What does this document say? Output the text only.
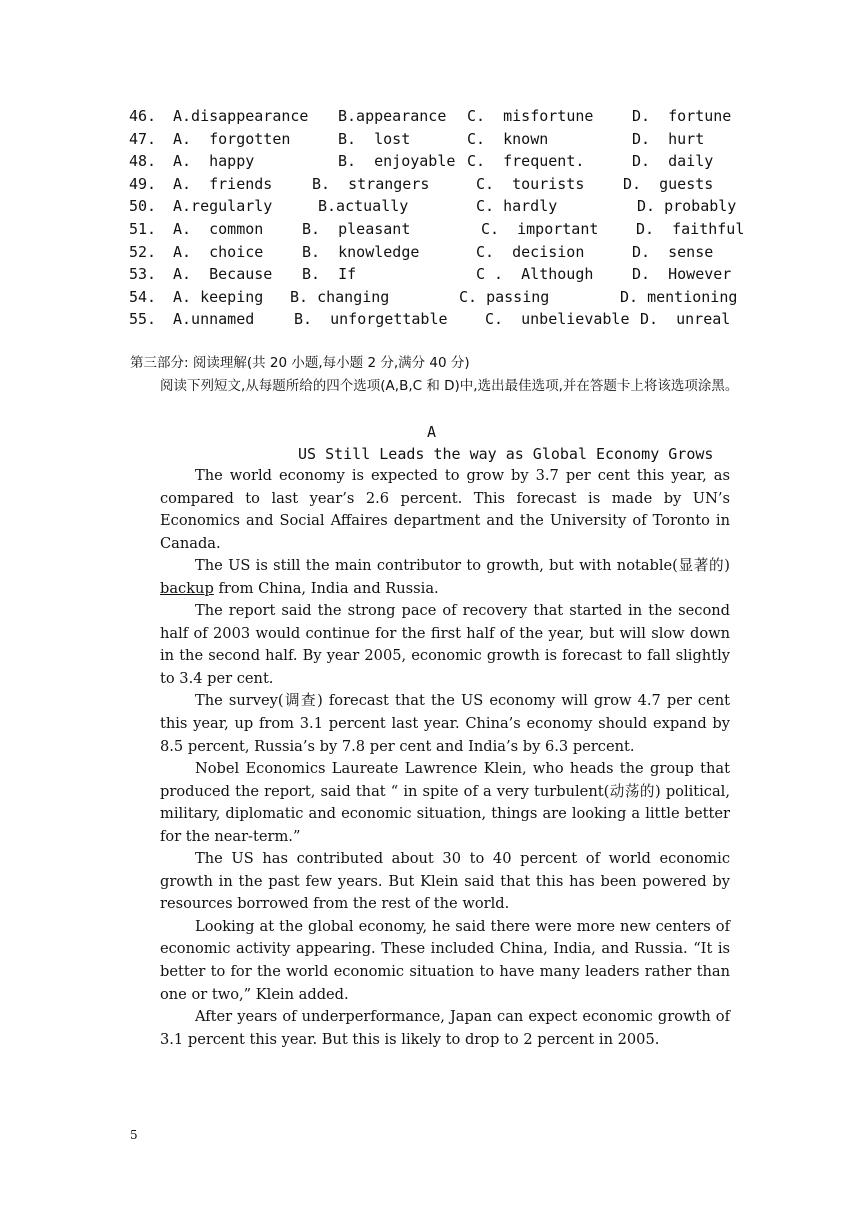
46.

A.disappearance

B.appearance

C.  misfortune

	D.  fortune

47.

A.  forgotten

	B.  lost

	C.  known

	D.  hurt

48.

A.  happy

	B.  enjoyable

C.  frequent.

	D.  daily

49.

A.  friends

	B.  strangers

	C.  tourists

	D.  guests

50.

A.regularly

	B.actually

	C. hardly

	D. probably

51.

A.  common

	B.  pleasant

	C.  important

	D.  faithful

52.

A.  choice

	B.  knowledge

	C.  decision

	D.  sense

53.

A.  Because

B.  If

	C .  Although

	D.  However

54.

A. keeping

B. changing

	C. passing

	D. mentioning

55.

A.unnamed

	B.  unforgettable

C.  unbelievable

D.  unreal

第三部分: 阅读理解(共 20 小题,每小题 2 分,满分 40 分)
阅读下列短文,从每题所给的四个选项(A,B,C 和 D)中,选出最佳选项,并在答题卡上将该选项涂黑。
A
US Still Leads the way as Global Economy Grows

The world economy is expected to grow by 3.7 per cent this year, as compared to last year’s 2.6 percent. This forecast is made by UN’s Economics and Social Affaires department and the University of Toronto in Canada.

The US is still the main contributor to growth, but with notable(显著的) backup from China, India and Russia.

The report said the strong pace of recovery that started in the second half of 2003 would continue for the first half of the year, but will slow down in the second half. By year 2005, economic growth is forecast to fall slightly to 3.4 per cent.

The survey(调查) forecast that the US economy will grow 4.7 per cent this year, up from 3.1 percent last year. China’s economy should expand by 8.5 percent, Russia’s by 7.8 per cent and India’s by 6.3 percent.

Nobel Economics Laureate Lawrence Klein, who heads the group that produced the report, said that “ in spite of a very turbulent(动荡的) political, military, diplomatic and economic situation, things are looking a little better for the near-term.”

The US has contributed about 30 to 40 percent of world economic growth in the past few years. But Klein said that this has been powered by resources borrowed from the rest of the world.

Looking at the global economy, he said there were more new centers of economic activity appearing. These included China, India, and Russia. “It is better to for the world economic situation to have many leaders rather than one or two,” Klein added.

After years of underperformance, Japan can expect economic growth of 3.1 percent this year. But this is likely to drop to 2 percent in 2005.

5
